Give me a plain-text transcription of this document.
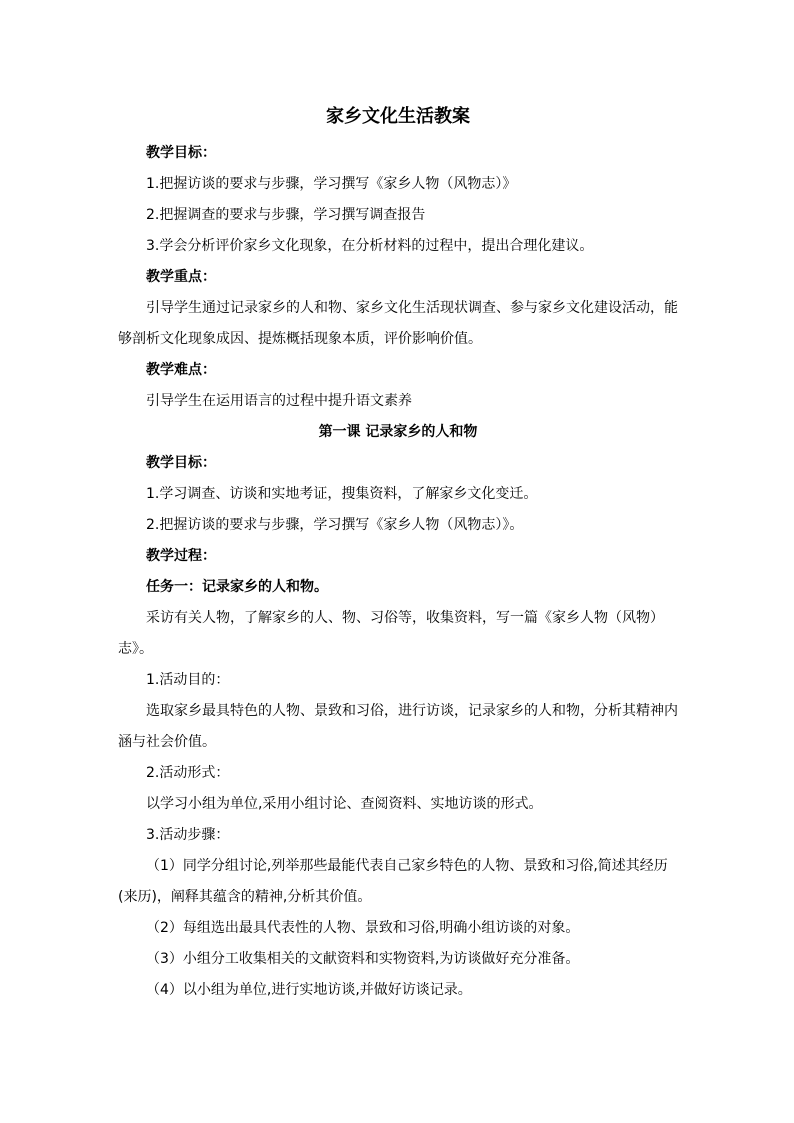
家乡文化生活教案

教学目标：

1.把握访谈的要求与步骤，学习撰写《家乡人物（风物志）》

2.把握调查的要求与步骤，学习撰写调查报告

3.学会分析评价家乡文化现象，在分析材料的过程中，提出合理化建议。

教学重点：

引导学生通过记录家乡的人和物、家乡文化生活现状调查、参与家乡文化建设活动，能够剖析文化现象成因、提炼概括现象本质，评价影响价值。

教学难点：

引导学生在运用语言的过程中提升语文素养

第一课 记录家乡的人和物

教学目标：

1.学习调查、访谈和实地考证，搜集资料，了解家乡文化变迁。

2.把握访谈的要求与步骤，学习撰写《家乡人物（风物志）》。

教学过程：

任务一：记录家乡的人和物。

采访有关人物，了解家乡的人、物、习俗等，收集资料，写一篇《家乡人物（风物）志》。

1.活动目的：

选取家乡最具特色的人物、景致和习俗，进行访谈，记录家乡的人和物，分析其精神内涵与社会价值。

2.活动形式：

以学习小组为单位,采用小组讨论、查阅资料、实地访谈的形式。

3.活动步骤：

（1）同学分组讨论,列举那些最能代表自己家乡特色的人物、景致和习俗,简述其经历(来历)，阐释其蕴含的精神,分析其价值。

（2）每组选出最具代表性的人物、景致和习俗,明确小组访谈的对象。

（3）小组分工收集相关的文献资料和实物资料,为访谈做好充分准备。

（4）以小组为单位,进行实地访谈,并做好访谈记录。
